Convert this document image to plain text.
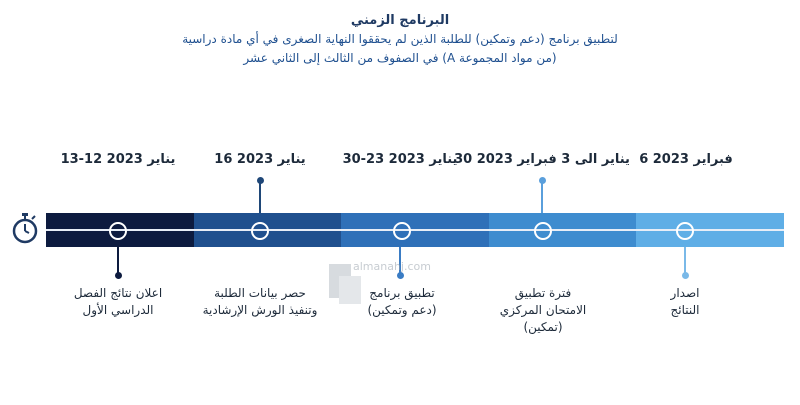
البرنامج الزمني
لتطبيق برنامج (دعم وتمكين) للطلبة الذين لم يحققوا النهاية الصغرى في أي مادة دراسية
(من مواد المجموعة A) في الصفوف من الثالث إلى الثاني عشر
13-12 يناير 2023	16 يناير 2023	30-23 يناير 2023
30 يناير الى 3 فبراير 2023 6 فبراير 2023
اعلان نتائج الفصل
الدراسي الأول
حصر بيانات الطلبة
وتنفيذ الورش الإرشادية
تطبيق برنامج
(دعم وتمكين)
فترة تطبيق
الامتحان المركزي
(تمكين)
اصدار
النتائج
almanahj.com
